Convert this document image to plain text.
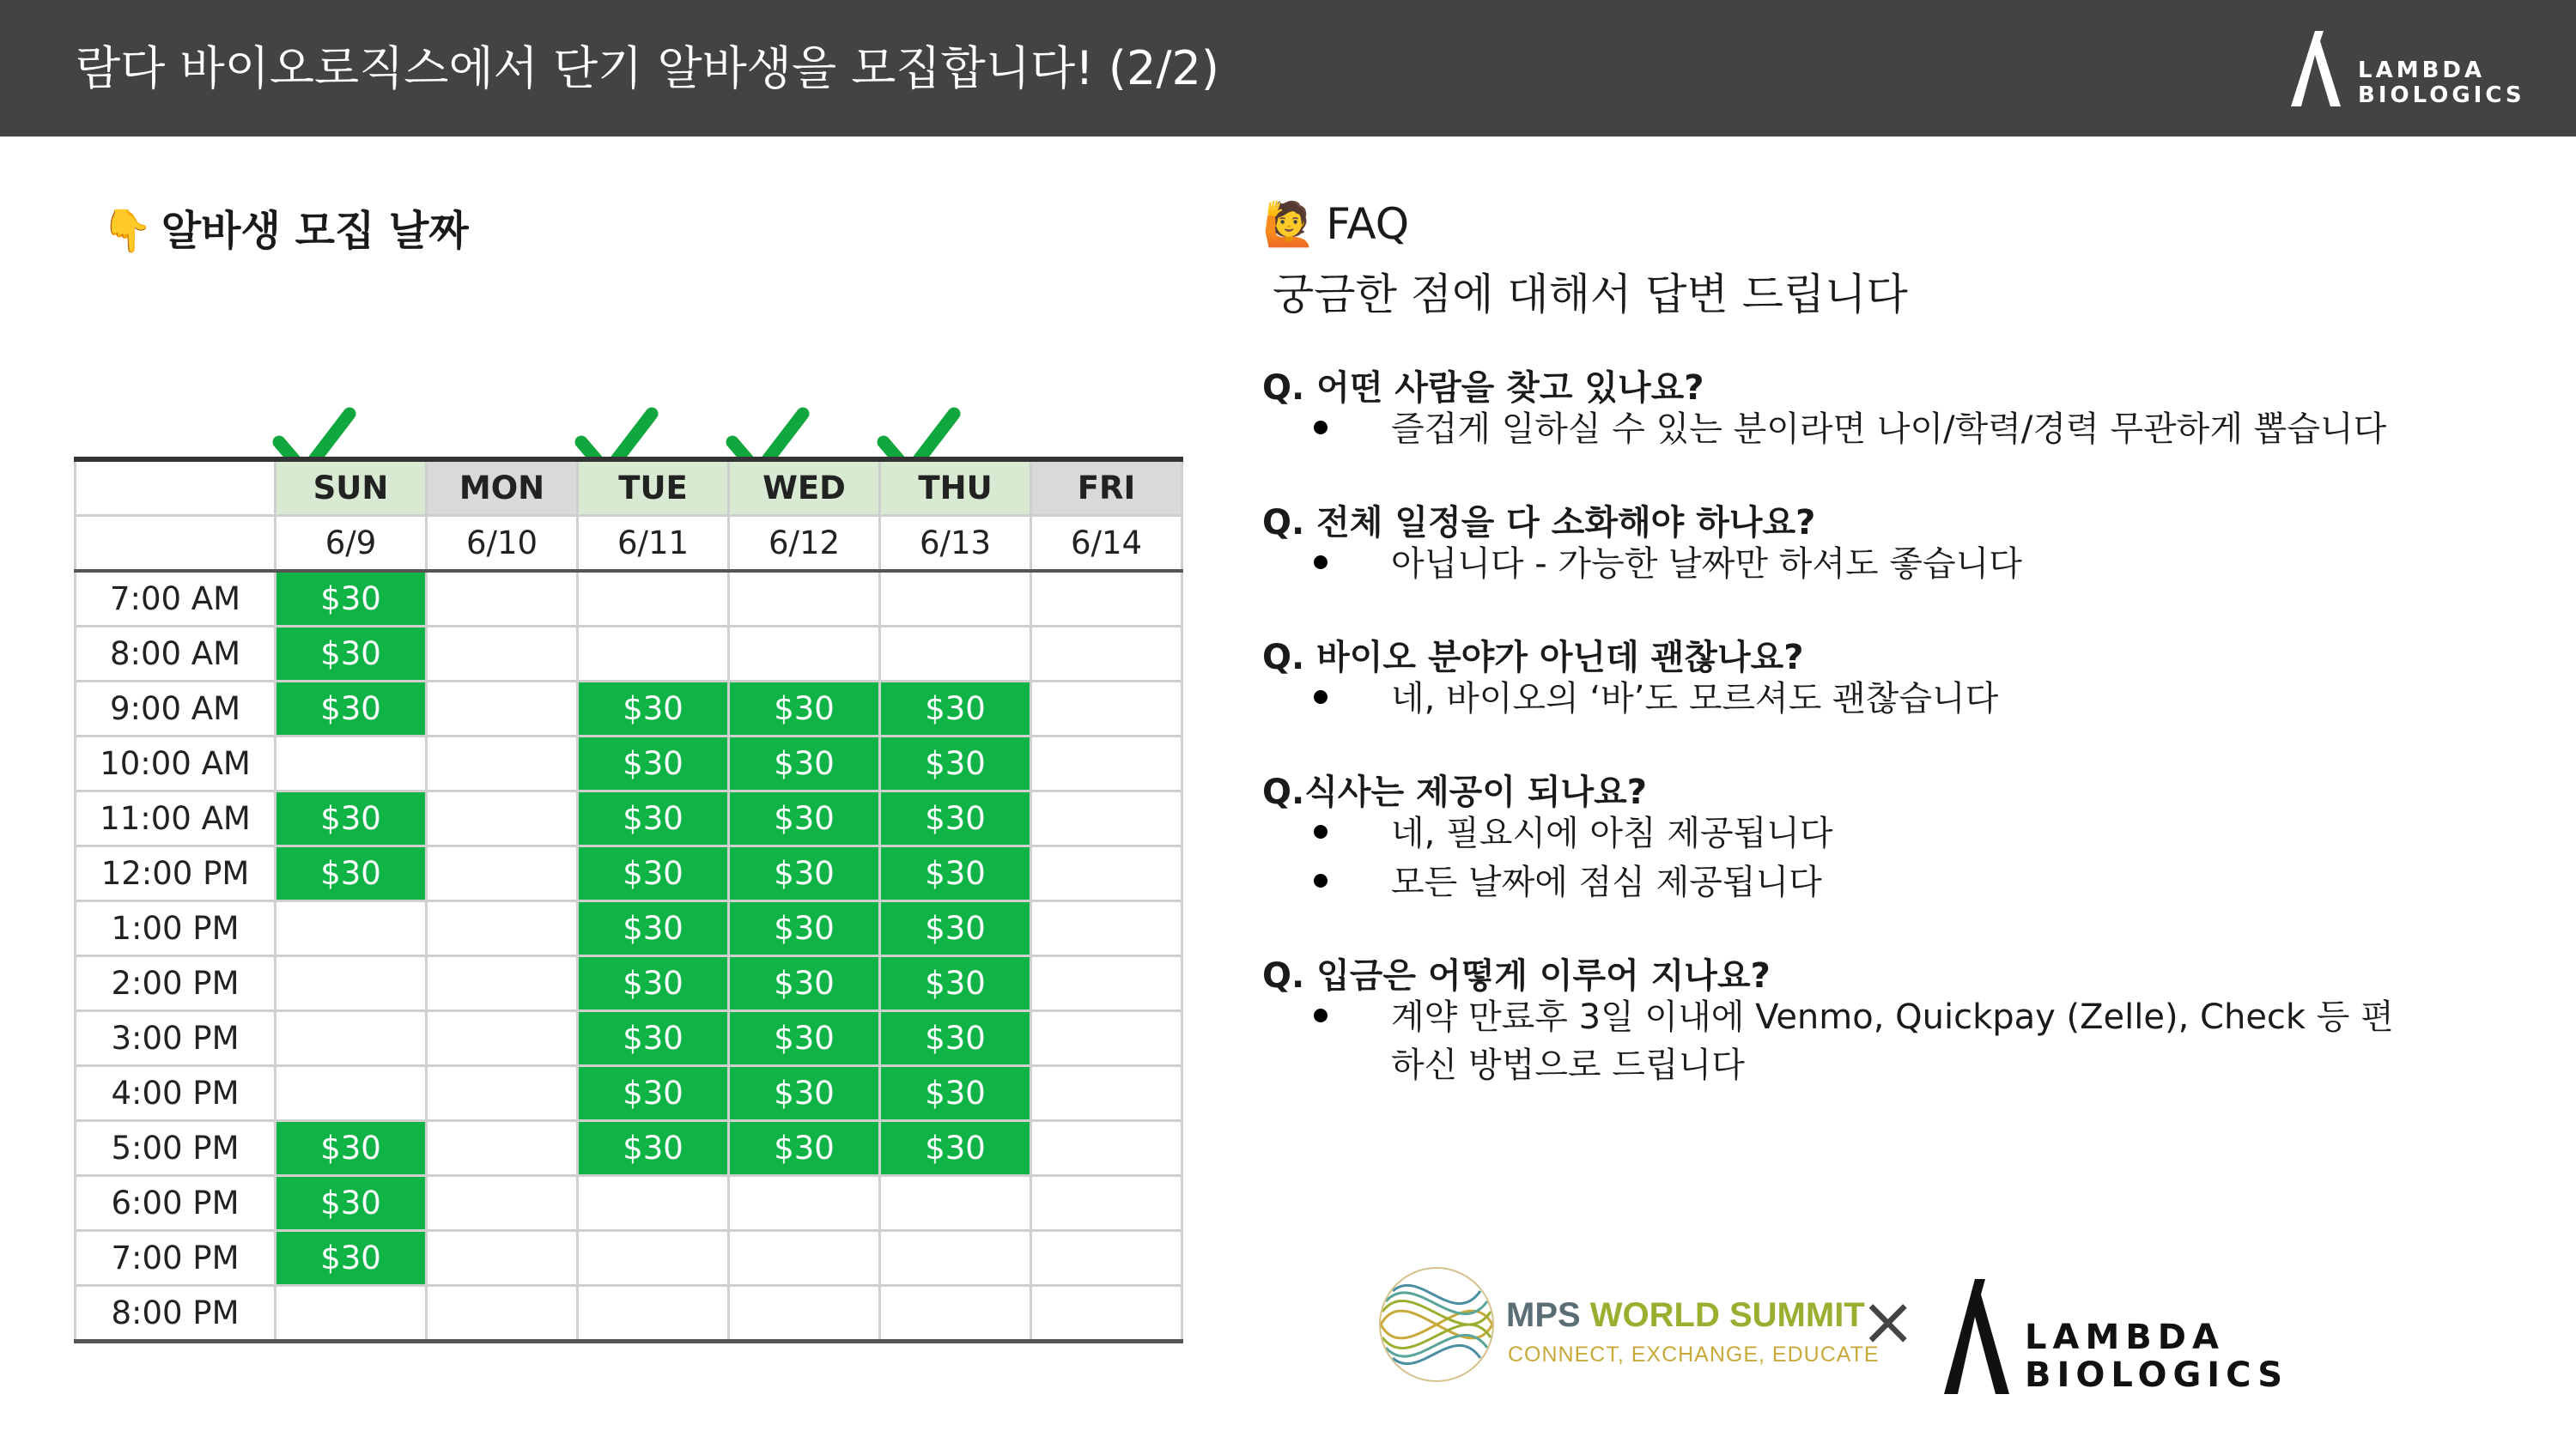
람다 바이오로직스에서 단기 알바생을 모집합니다! (2/2)	LAMBDA
BIOLOGICS
👇 알바생 모집 날짜
	SUN	MON	TUE	WED	THU	FRI
	6/9	6/10	6/11	6/12	6/13	6/14
7:00 AM	$30					
8:00 AM	$30					
9:00 AM	$30		$30	$30	$30	
10:00 AM			$30	$30	$30	
11:00 AM	$30		$30	$30	$30	
12:00 PM	$30		$30	$30	$30	
1:00 PM			$30	$30	$30	
2:00 PM			$30	$30	$30	
3:00 PM			$30	$30	$30	
4:00 PM			$30	$30	$30	
5:00 PM	$30		$30	$30	$30	
6:00 PM	$30					
7:00 PM	$30					
8:00 PM						
🙋 FAQ
궁금한 점에 대해서 답변 드립니다
Q. 어떤 사람을 찾고 있나요?
즐겁게 일하실 수 있는 분이라면 나이/학력/경력 무관하게 뽑습니다
Q. 전체 일정을 다 소화해야 하나요?
아닙니다 - 가능한 날짜만 하셔도 좋습니다
Q. 바이오 분야가 아닌데 괜찮나요?
네, 바이오의 ‘바’도 모르셔도 괜찮습니다
Q.식사는 제공이 되나요?
네, 필요시에 아침 제공됩니다
모든 날짜에 점심 제공됩니다
Q. 입금은 어떻게 이루어 지나요?
계약 만료후 3일 이내에 Venmo, Quickpay (Zelle), Check 등 편하신 방법으로 드립니다
MPS WORLD SUMMIT
CONNECT, EXCHANGE, EDUCATE
×	LAMBDA
BIOLOGICS
